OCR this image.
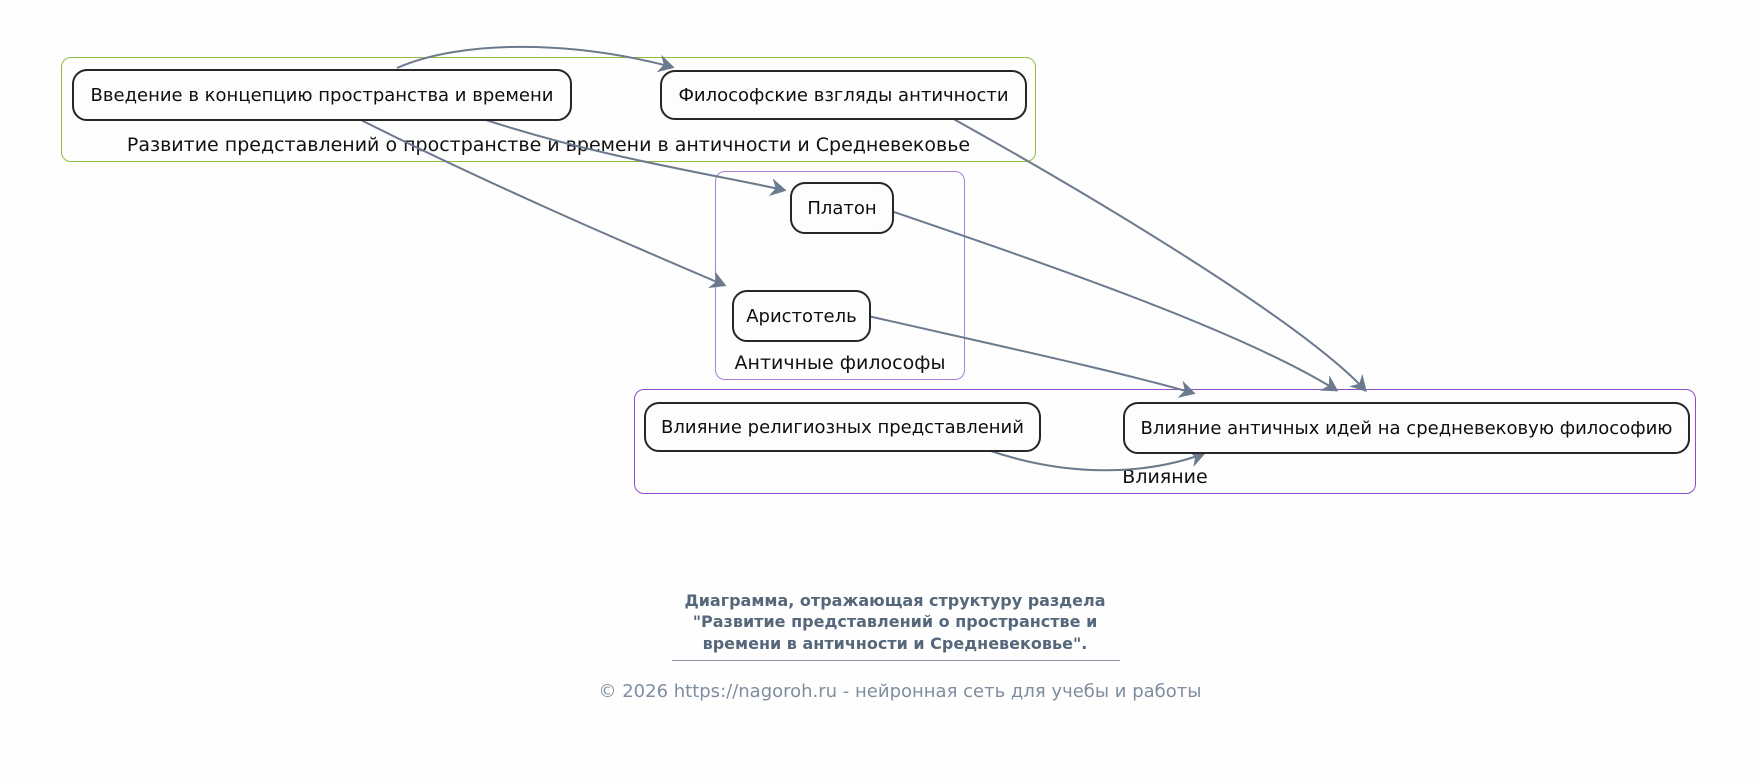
Развитие представлений о пространстве и времени в античности и Средневековье
Античные философы
Влияние
Введение в концепцию пространства и времени	Философские взгляды античности
Платон
Аристотель
Влияние религиозных представлений	Влияние античных идей на средневековую философию
Диаграмма, отражающая структуру раздела
"Развитие представлений о пространстве и
времени в античности и Средневековье".
© 2026 https://nagoroh.ru - нейронная сеть для учебы и работы
